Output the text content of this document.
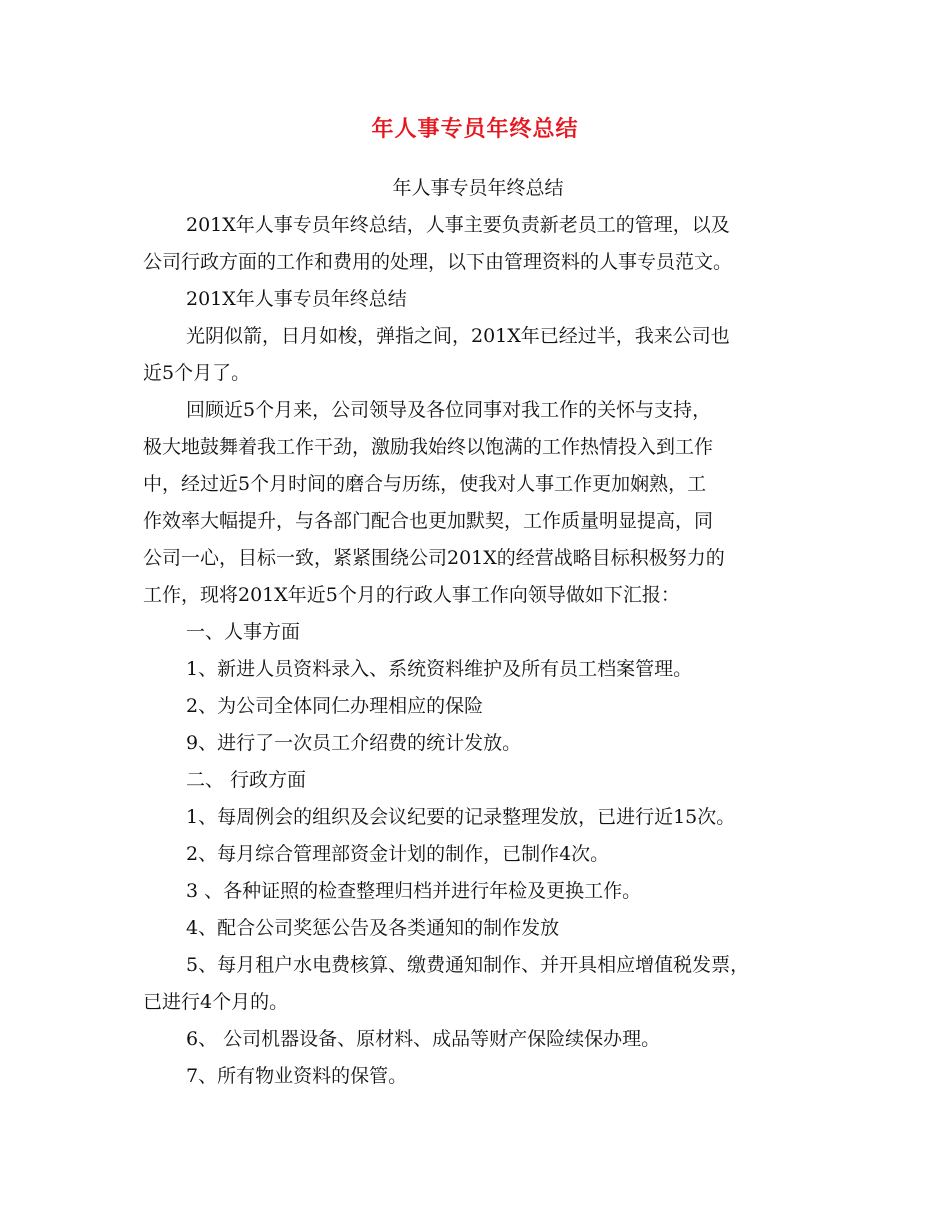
年人事专员年终总结

年人事专员年终总结

201X年人事专员年终总结，人事主要负责新老员工的管理，以及

公司行政方面的工作和费用的处理，以下由管理资料的人事专员范文。

201X年人事专员年终总结

光阴似箭，日月如梭，弹指之间，201X年已经过半，我来公司也

近5个月了。

回顾近5个月来，公司领导及各位同事对我工作的关怀与支持，

极大地鼓舞着我工作干劲，激励我始终以饱满的工作热情投入到工作

中，经过近5个月时间的磨合与历练，使我对人事工作更加娴熟，工

作效率大幅提升，与各部门配合也更加默契，工作质量明显提高，同

公司一心，目标一致，紧紧围绕公司201X的经营战略目标积极努力的

工作，现将201X年近5个月的行政人事工作向领导做如下汇报：

一、人事方面

1、新进人员资料录入、系统资料维护及所有员工档案管理。

2、为公司全体同仁办理相应的保险

9、进行了一次员工介绍费的统计发放。

二、 行政方面

1、每周例会的组织及会议纪要的记录整理发放，已进行近15次。

2、每月综合管理部资金计划的制作，已制作4次。

3 、各种证照的检查整理归档并进行年检及更换工作。

4、配合公司奖惩公告及各类通知的制作发放

5、每月租户水电费核算、缴费通知制作、并开具相应增值税发票，

已进行4个月的。

6、 公司机器设备、原材料、成品等财产保险续保办理。

7、所有物业资料的保管。
